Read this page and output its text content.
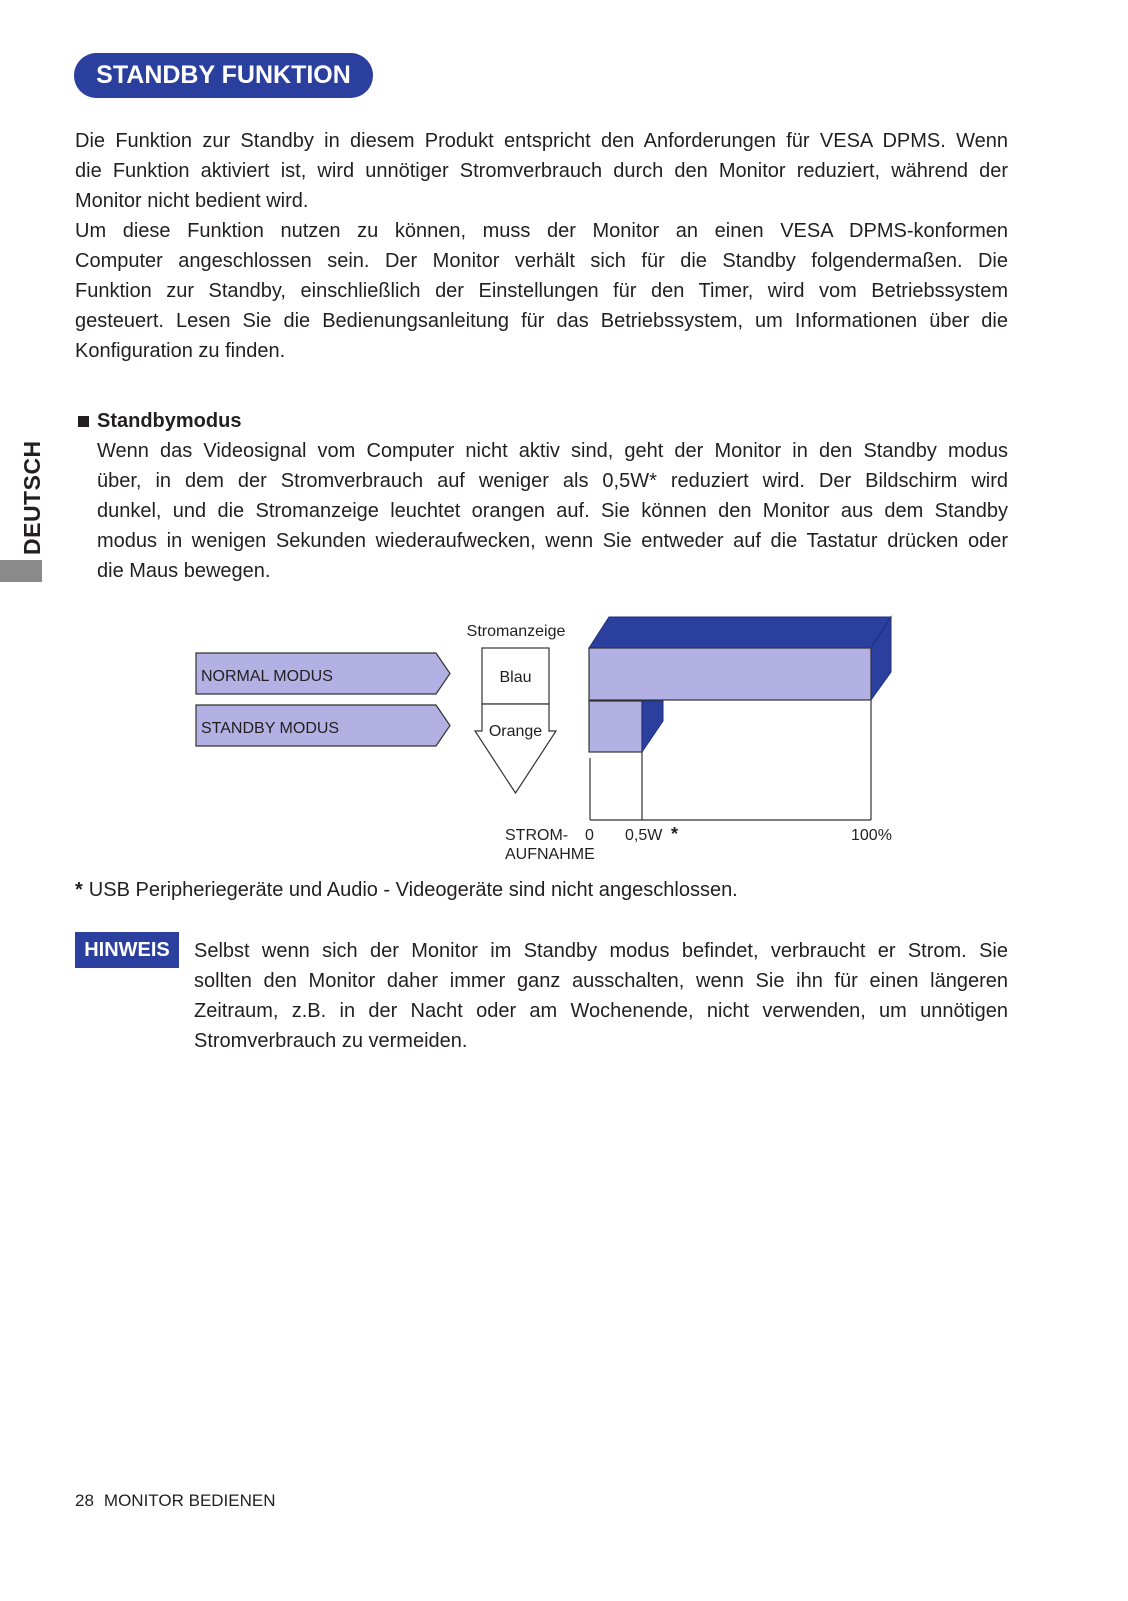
STANDBY FUNKTION
DEUTSCH
Die Funktion zur Standby in diesem Produkt entspricht den Anforderungen für VESA DPMS. Wenn
die Funktion aktiviert ist, wird unnötiger Stromverbrauch durch den Monitor reduziert, während der
Monitor nicht bedient wird.
Um diese Funktion nutzen zu können, muss der Monitor an einen VESA DPMS-konformen
Computer angeschlossen sein. Der Monitor verhält sich für die Standby folgendermaßen. Die
Funktion zur Standby, einschließlich der Einstellungen für den Timer, wird vom Betriebssystem
gesteuert. Lesen Sie die Bedienungsanleitung für das Betriebssystem, um Informationen über die
Konfiguration zu finden.
Standbymodus
Wenn das Videosignal vom Computer nicht aktiv sind, geht der Monitor in den Standby modus
über, in dem der Stromverbrauch auf weniger als 0,5W* reduziert wird. Der Bildschirm wird
dunkel, und die Stromanzeige leuchtet orangen auf. Sie können den Monitor aus dem Standby
modus in wenigen Sekunden wiederaufwecken, wenn Sie entweder auf die Tastatur drücken oder
die Maus bewegen.
Stromanzeige
NORMAL MODUS
STANDBY MODUS
Blau
Orange
STROM-
AUFNAHME
0 0,5W *	100%
* USB Peripheriegeräte und Audio - Videogeräte sind nicht angeschlossen.
HINWEIS	Selbst wenn sich der Monitor im Standby modus befindet, verbraucht er Strom. Sie
sollten den Monitor daher immer ganz ausschalten, wenn Sie ihn für einen längeren
Zeitraum, z.B. in der Nacht oder am Wochenende, nicht verwenden, um unnötigen
Stromverbrauch zu vermeiden.
28 MONITOR BEDIENEN
